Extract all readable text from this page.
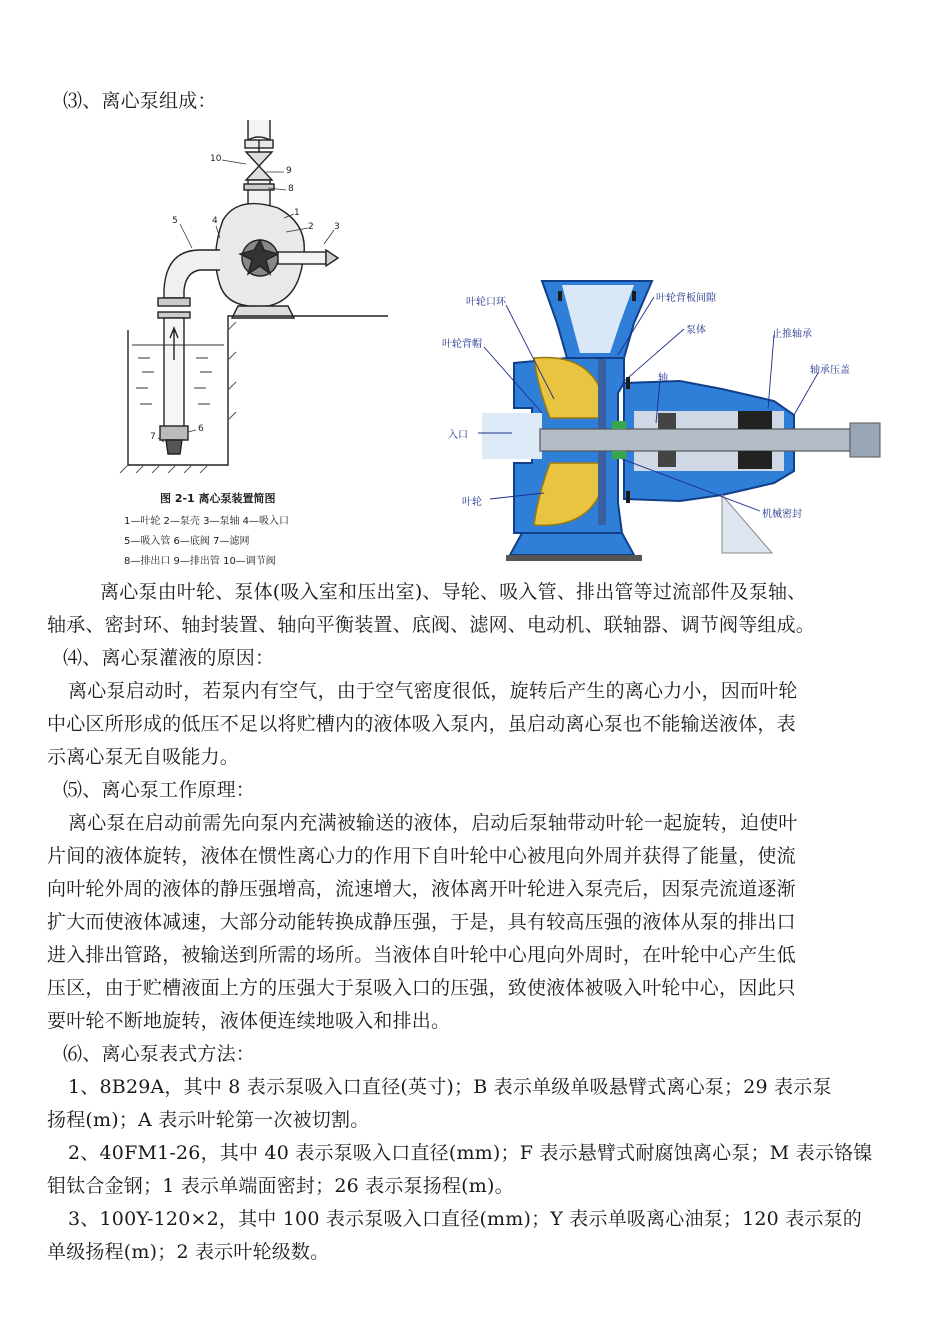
⑶、离心泵组成：
10
9
8
1
2 3
4
5
6
7
图 2-1 离心泵装置简图
1—叶轮 2—泵壳 3—泵轴 4—吸入口
5—吸入管 6—底阀 7—滤网
8—排出口 9—排出管 10—调节阀
叶轮口环
叶轮背帽
叶轮背板间隙
泵体	止推轴承
轴
轴承压盖
入口
叶轮
机械密封
离心泵由叶轮、泵体(吸入室和压出室)、导轮、吸入管、排出管等过流部件及泵轴、
轴承、密封环、轴封装置、轴向平衡装置、底阀、滤网、电动机、联轴器、调节阀等组成。
⑷、离心泵灌液的原因：
离心泵启动时，若泵内有空气，由于空气密度很低，旋转后产生的离心力小，因而叶轮
中心区所形成的低压不足以将贮槽内的液体吸入泵内，虽启动离心泵也不能输送液体，表
示离心泵无自吸能力。
⑸、离心泵工作原理：
离心泵在启动前需先向泵内充满被输送的液体，启动后泵轴带动叶轮一起旋转，迫使叶
片间的液体旋转，液体在惯性离心力的作用下自叶轮中心被甩向外周并获得了能量，使流
向叶轮外周的液体的静压强增高，流速增大，液体离开叶轮进入泵壳后，因泵壳流道逐渐
扩大而使液体减速，大部分动能转换成静压强，于是，具有较高压强的液体从泵的排出口
进入排出管路，被输送到所需的场所。当液体自叶轮中心甩向外周时，在叶轮中心产生低
压区，由于贮槽液面上方的压强大于泵吸入口的压强，致使液体被吸入叶轮中心，因此只
要叶轮不断地旋转，液体便连续地吸入和排出。
⑹、离心泵表式方法：
1、8B29A，其中 8 表示泵吸入口直径(英寸)；B 表示单级单吸悬臂式离心泵；29 表示泵
扬程(m)；A 表示叶轮第一次被切割。
2、40FM1-26，其中 40 表示泵吸入口直径(mm)；F 表示悬臂式耐腐蚀离心泵；M 表示铬镍
钼钛合金钢；1 表示单端面密封；26 表示泵扬程(m)。
3、100Y-120×2，其中 100 表示泵吸入口直径(mm)；Y 表示单吸离心油泵；120 表示泵的
单级扬程(m)；2 表示叶轮级数。
